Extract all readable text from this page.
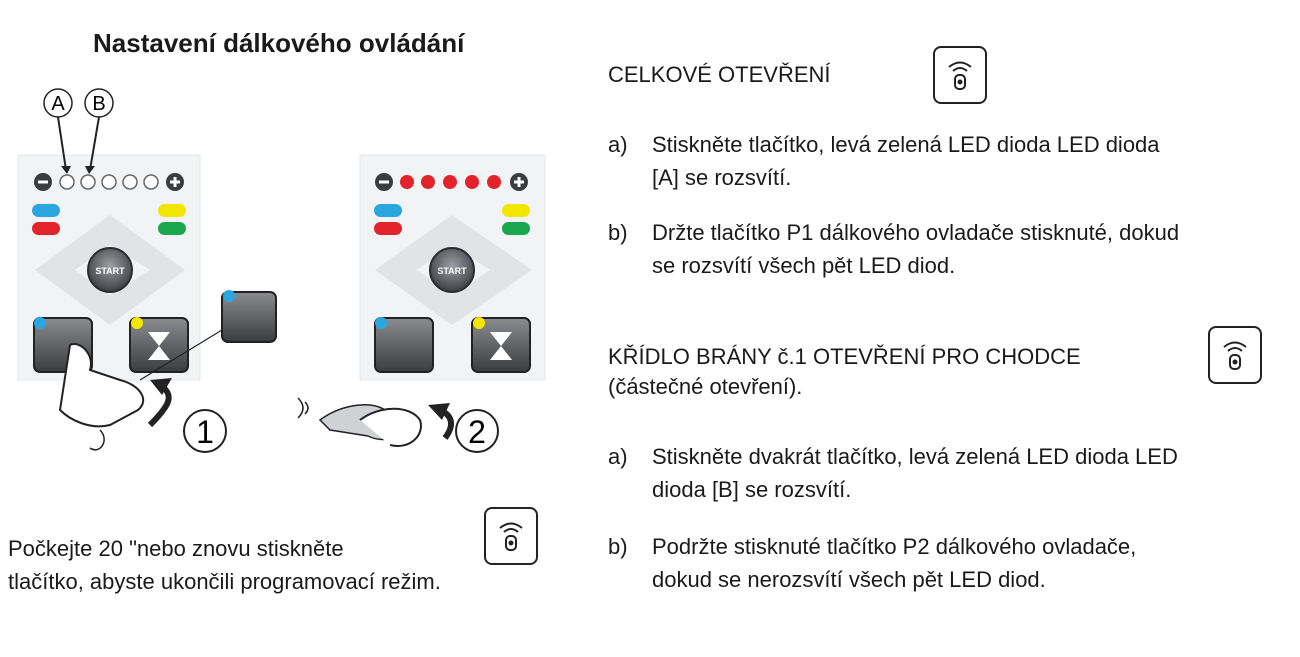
Nastavení dálkového ovládání
START
A B
1
START
2
Počkejte 20 "nebo znovu stiskněte
tlačítko, abyste ukončili programovací režim.
CELKOVÉ OTEVŘENÍ
a) Stiskněte tlačítko, levá zelená LED dioda LED dioda
[A] se rozsvítí.
b) Držte tlačítko P1 dálkového ovladače stisknuté, dokud
se rozsvítí všech pět LED diod.
KŘÍDLO BRÁNY č.1 OTEVŘENÍ PRO CHODCE
(částečné otevření).
a) Stiskněte dvakrát tlačítko, levá zelená LED dioda LED
dioda [B] se rozsvítí.
b) Podržte stisknuté tlačítko P2 dálkového ovladače,
dokud se nerozsvítí všech pět LED diod.
